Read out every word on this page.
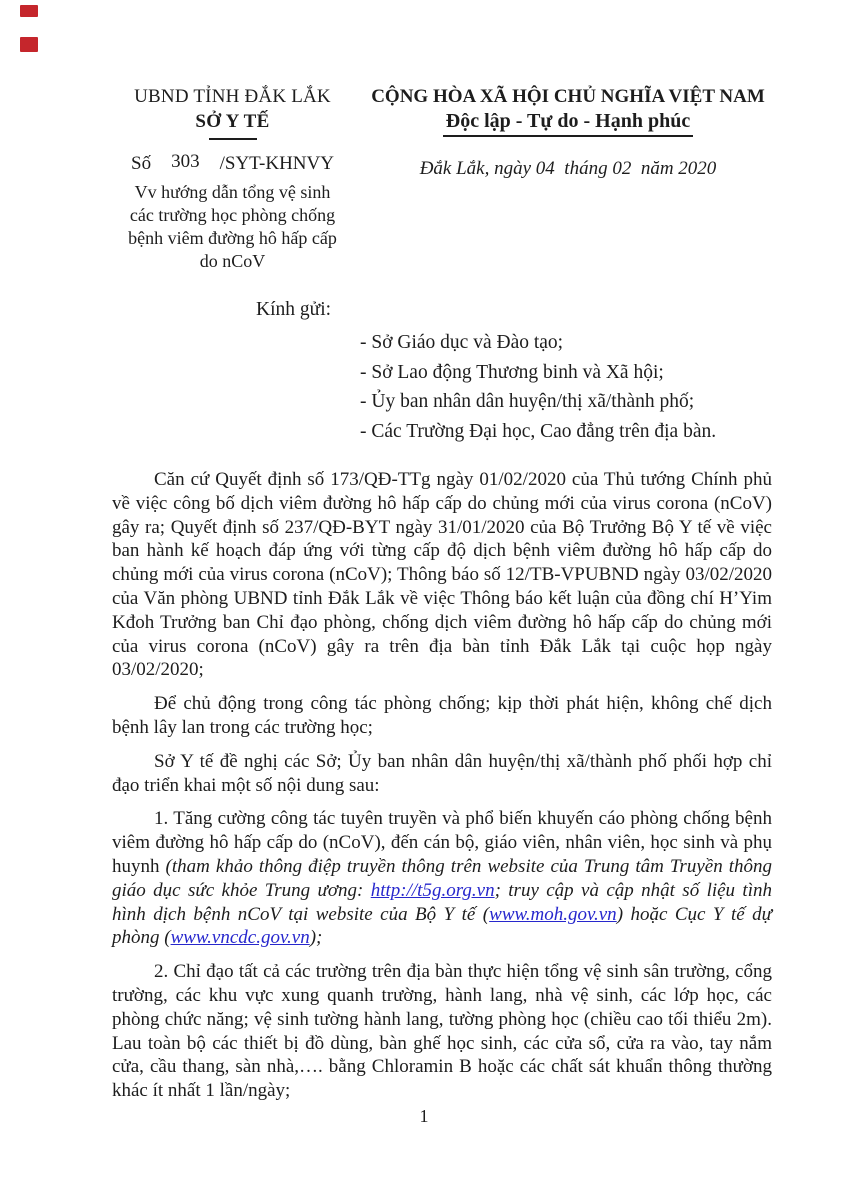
UBND TỈNH ĐẮK LẮK
SỞ Y TẾ
Số 303 /SYT-KHNVY
Vv hướng dẫn tổng vệ sinh
các trường học phòng chống
bệnh viêm đường hô hấp cấp
do nCoV
CỘNG HÒA XÃ HỘI CHỦ NGHĨA VIỆT NAM
Độc lập - Tự do - Hạnh phúc
Đắk Lắk, ngày 04  tháng 02  năm 2020
Kính gửi:
- Sở Giáo dục và Đào tạo;
- Sở Lao động Thương binh và Xã hội;
- Ủy ban nhân dân huyện/thị xã/thành phố;
- Các Trường Đại học, Cao đẳng trên địa bàn.

Căn cứ Quyết định số 173/QĐ-TTg ngày 01/02/2020 của Thủ tướng Chính phủ về việc công bố dịch viêm đường hô hấp cấp do chủng mới của virus corona (nCoV) gây ra; Quyết định số 237/QĐ-BYT ngày 31/01/2020 của Bộ Trưởng Bộ Y tế về việc ban hành kế hoạch đáp ứng với từng cấp độ dịch bệnh viêm đường hô hấp cấp do chủng mới của virus corona (nCoV); Thông báo số 12/TB-VPUBND ngày 03/02/2020 của Văn phòng UBND tỉnh Đắk Lắk về việc Thông báo kết luận của đồng chí H’Yim Kđoh Trưởng ban Chỉ đạo phòng, chống dịch viêm đường hô hấp cấp do chủng mới của virus corona (nCoV) gây ra trên địa bàn tỉnh Đắk Lắk tại cuộc họp ngày 03/02/2020;

Để chủ động trong công tác phòng chống; kịp thời phát hiện, không chế dịch bệnh lây lan trong các trường học;

Sở Y tế đề nghị các Sở; Ủy ban nhân dân huyện/thị xã/thành phố phối hợp chỉ đạo triển khai một số nội dung sau:

1. Tăng cường công tác tuyên truyền và phổ biến khuyến cáo phòng chống bệnh viêm đường hô hấp cấp do (nCoV), đến cán bộ, giáo viên, nhân viên, học sinh và phụ huynh (tham khảo thông điệp truyền thông trên website của Trung tâm Truyền thông giáo dục sức khỏe Trung ương: http://t5g.org.vn; truy cập và cập nhật số liệu tình hình dịch bệnh nCoV tại website của Bộ Y tế (www.moh.gov.vn) hoặc Cục Y tế dự phòng (www.vncdc.gov.vn);

2. Chỉ đạo tất cả các trường trên địa bàn thực hiện tổng vệ sinh sân trường, cổng trường, các khu vực xung quanh trường, hành lang, nhà vệ sinh, các lớp học, các phòng chức năng; vệ sinh tường hành lang, tường phòng học (chiều cao tối thiểu 2m). Lau toàn bộ các thiết bị đồ dùng, bàn ghế học sinh, các cửa sổ, cửa ra vào, tay nắm cửa, cầu thang, sàn nhà,…. bằng Chloramin B hoặc các chất sát khuẩn thông thường khác ít nhất 1 lần/ngày;

1
